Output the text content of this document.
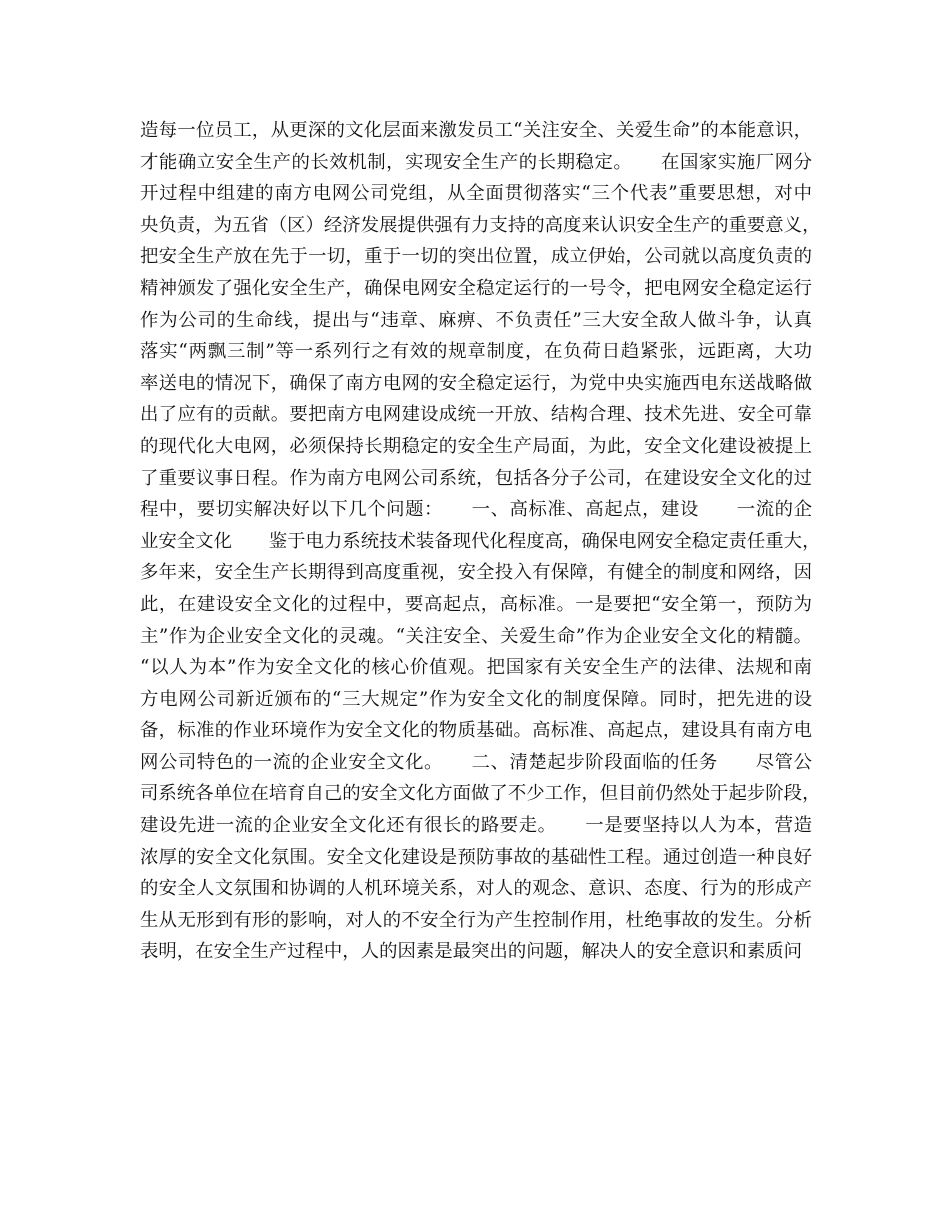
造每一位员工，从更深的文化层面来激发员工“关注安全、关爱生命”的本能意识，
才能确立安全生产的长效机制，实现安全生产的长期稳定。　　在国家实施厂网分
开过程中组建的南方电网公司党组，从全面贯彻落实“三个代表”重要思想，对中
央负责，为五省（区）经济发展提供强有力支持的高度来认识安全生产的重要意义，
把安全生产放在先于一切，重于一切的突出位置，成立伊始，公司就以高度负责的
精神颁发了强化安全生产，确保电网安全稳定运行的一号令，把电网安全稳定运行
作为公司的生命线，提出与“违章、麻痹、不负责任”三大安全敌人做斗争，认真
落实“两飘三制”等一系列行之有效的规章制度，在负荷日趋紧张，远距离，大功
率送电的情况下，确保了南方电网的安全稳定运行，为党中央实施西电东送战略做
出了应有的贡献。要把南方电网建设成统一开放、结构合理、技术先进、安全可靠
的现代化大电网，必须保持长期稳定的安全生产局面，为此，安全文化建设被提上
了重要议事日程。作为南方电网公司系统，包括各分子公司，在建设安全文化的过
程中，要切实解决好以下几个问题：　　一、高标准、高起点，建设　　一流的企
业安全文化　　鉴于电力系统技术装备现代化程度高，确保电网安全稳定责任重大，
多年来，安全生产长期得到高度重视，安全投入有保障，有健全的制度和网络，因
此，在建设安全文化的过程中，要高起点，高标准。一是要把“安全第一，预防为
主”作为企业安全文化的灵魂。“关注安全、关爱生命”作为企业安全文化的精髓。
“以人为本”作为安全文化的核心价值观。把国家有关安全生产的法律、法规和南
方电网公司新近颁布的“三大规定”作为安全文化的制度保障。同时，把先进的设
备，标准的作业环境作为安全文化的物质基础。高标准、高起点，建设具有南方电
网公司特色的一流的企业安全文化。　　二、清楚起步阶段面临的任务　　尽管公
司系统各单位在培育自己的安全文化方面做了不少工作，但目前仍然处于起步阶段，
建设先进一流的企业安全文化还有很长的路要走。　　一是要坚持以人为本，营造
浓厚的安全文化氛围。安全文化建设是预防事故的基础性工程。通过创造一种良好
的安全人文氛围和协调的人机环境关系，对人的观念、意识、态度、行为的形成产
生从无形到有形的影响，对人的不安全行为产生控制作用，杜绝事故的发生。分析
表明，在安全生产过程中，人的因素是最突出的问题，解决人的安全意识和素质问
